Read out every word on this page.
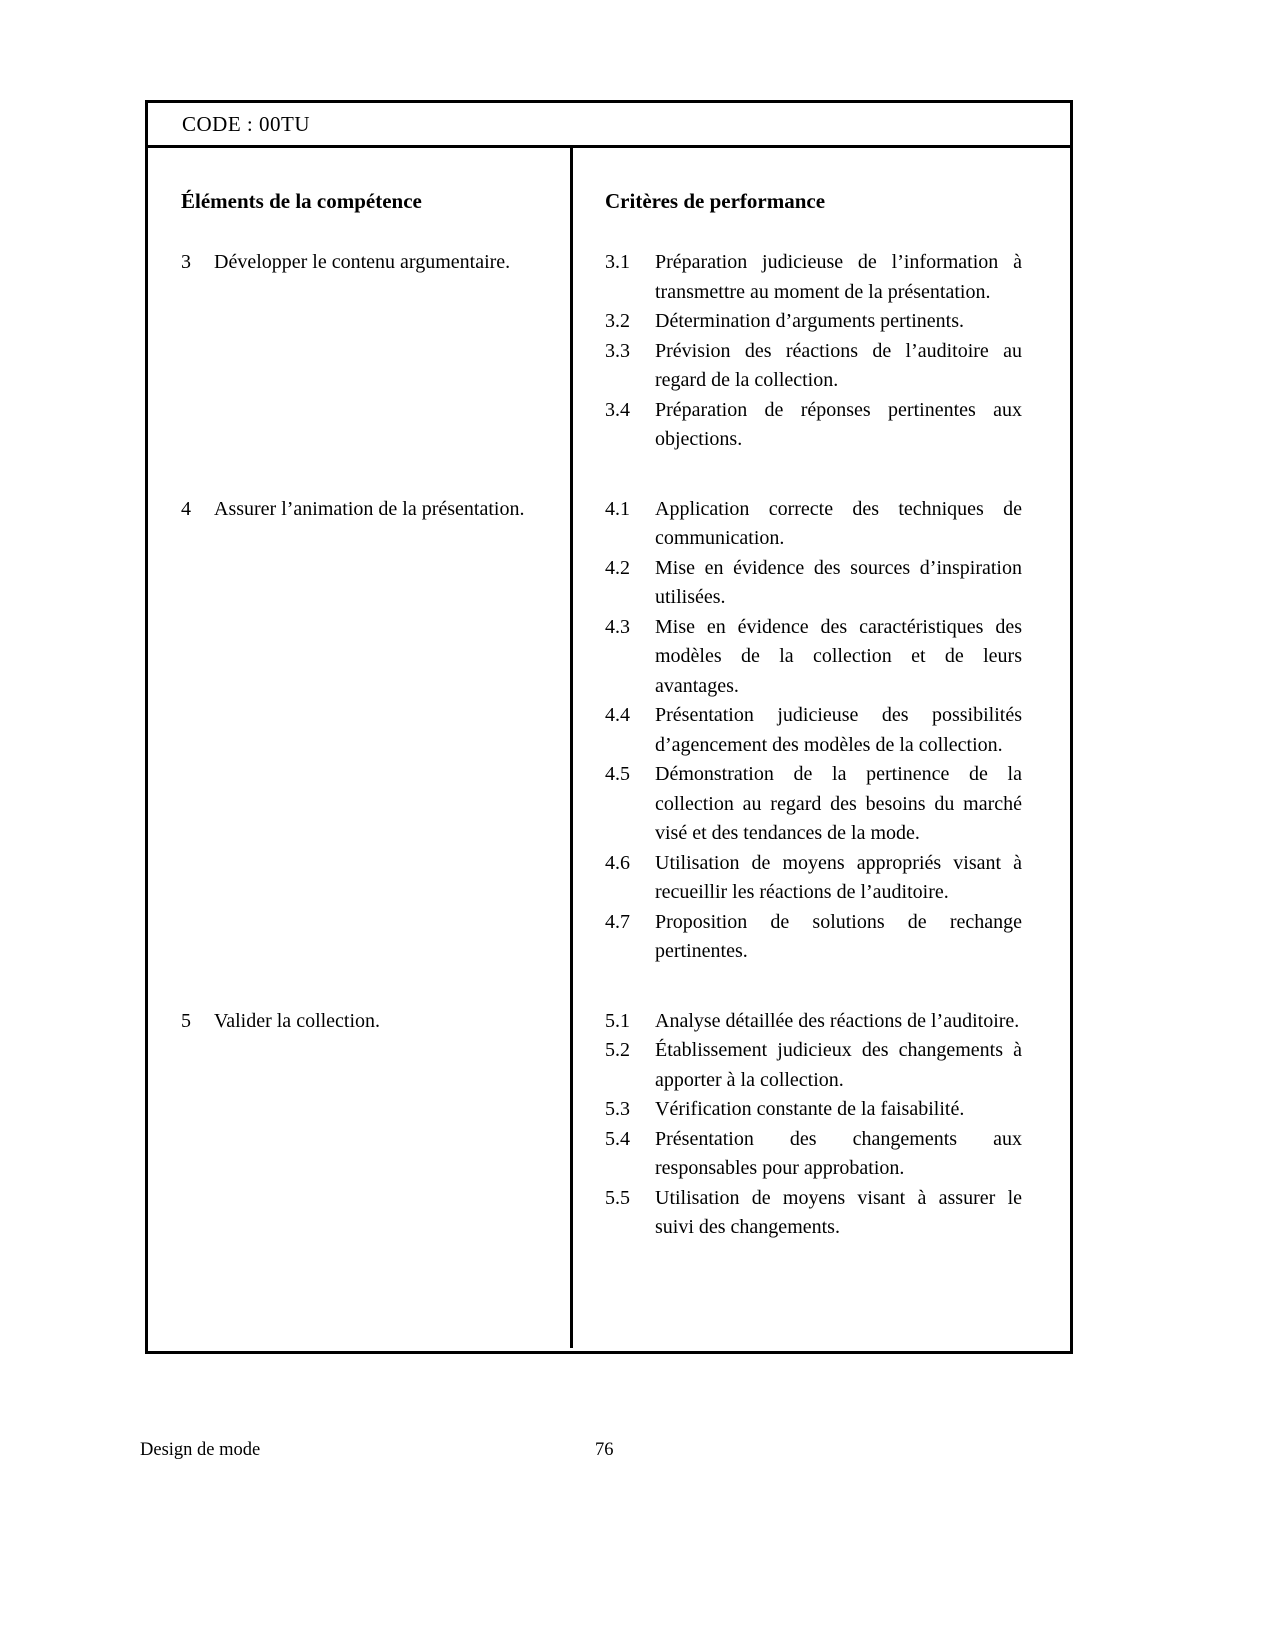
CODE : 00TU
Éléments de la compétence	Critères de performance
3	Développer le contenu argumentaire.	3.1	Préparation judicieuse de l’information à transmettre au moment de la présentation.
3.2	Détermination d’arguments pertinents.
3.3	Prévision des réactions de l’auditoire au regard de la collection.
3.4	Préparation de réponses pertinentes aux objections.
4	Assurer l’animation de la présentation.	4.1	Application correcte des techniques de communication.
4.2	Mise en évidence des sources d’inspiration utilisées.
4.3	Mise en évidence des caractéristiques des modèles de la collection et de leurs avantages.
4.4	Présentation judicieuse des possibilités d’agencement des modèles de la collection.
4.5	Démonstration de la pertinence de la collection au regard des besoins du marché visé et des tendances de la mode.
4.6	Utilisation de moyens appropriés visant à recueillir les réactions de l’auditoire.
4.7	Proposition de solutions de rechange pertinentes.
5	Valider la collection.	5.1	Analyse détaillée des réactions de l’auditoire.
5.2	Établissement judicieux des changements à apporter à la collection.
5.3	Vérification constante de la faisabilité.
5.4	Présentation des changements aux responsables pour approbation.
5.5	Utilisation de moyens visant à assurer le suivi des changements.
Design de mode	76
